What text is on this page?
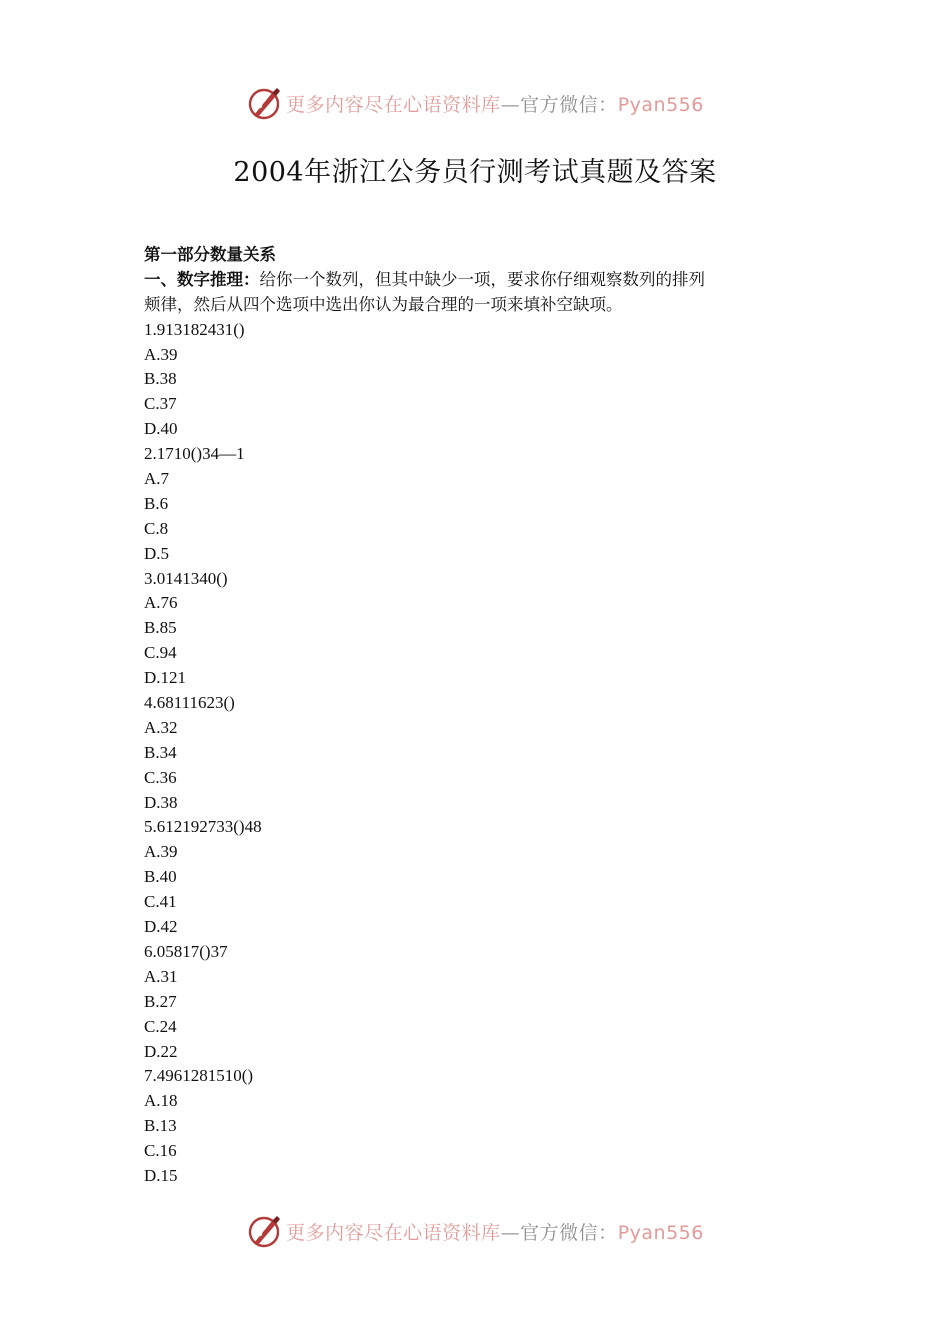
更多内容尽在心语资料库—官方微信：Pyan556
2004年浙江公务员行测考试真题及答案
第一部分数量关系
一、数字推理：给你一个数列，但其中缺少一项，要求你仔细观察数列的排列
颊律，然后从四个选项中选出你认为最合理的一项来填补空缺项。
1.913182431()
A.39
B.38
C.37
D.40
2.1710()34—1
A.7
B.6
C.8
D.5
3.0141340()
A.76
B.85
C.94
D.121
4.68111623()
A.32
B.34
C.36
D.38
5.612192733()48
A.39
B.40
C.41
D.42
6.05817()37
A.31
B.27
C.24
D.22
7.4961281510()
A.18
B.13
C.16
D.15
更多内容尽在心语资料库—官方微信：Pyan556
